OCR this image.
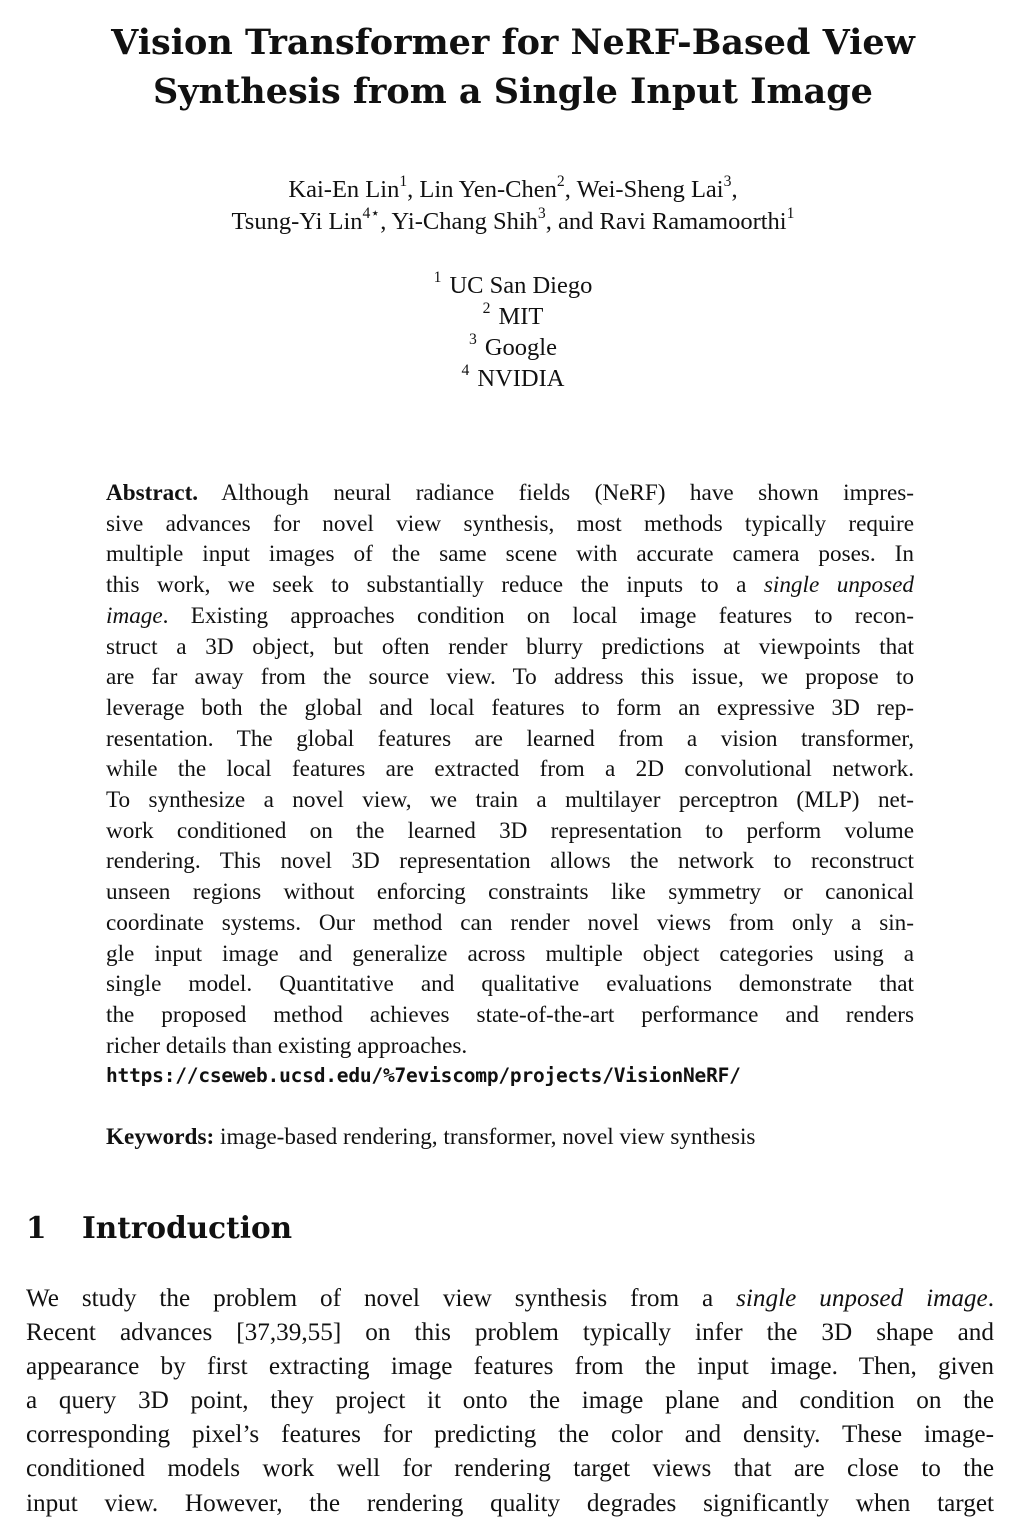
Vision Transformer for NeRF-Based View
Synthesis from a Single Input Image
Kai-En Lin$^1$, Lin Yen-Chen$^2$, Wei-Sheng Lai$^3$,
Tsung-Yi Lin$^{4⋆}$, Yi-Chang Shih$^3$, and Ravi Ramamoorthi$^1$
$^1$ UC San Diego
$^2$ MIT
$^3$ Google
$^4$ NVIDIA
Abstract. Although neural radiance fields (NeRF) have shown impres-
sive advances for novel view synthesis, most methods typically require
multiple input images of the same scene with accurate camera poses. In
this work, we seek to substantially reduce the inputs to a single unposed
image. Existing approaches condition on local image features to recon-
struct a 3D object, but often render blurry predictions at viewpoints that
are far away from the source view. To address this issue, we propose to
leverage both the global and local features to form an expressive 3D rep-
resentation. The global features are learned from a vision transformer,
while the local features are extracted from a 2D convolutional network.
To synthesize a novel view, we train a multilayer perceptron (MLP) net-
work conditioned on the learned 3D representation to perform volume
rendering. This novel 3D representation allows the network to reconstruct
unseen regions without enforcing constraints like symmetry or canonical
coordinate systems. Our method can render novel views from only a sin-
gle input image and generalize across multiple object categories using a
single model. Quantitative and qualitative evaluations demonstrate that
the proposed method achieves state-of-the-art performance and renders
richer details than existing approaches.
https://cseweb.ucsd.edu/%7eviscomp/projects/VisionNeRF/
Keywords: image-based rendering, transformer, novel view synthesis
1 Introduction
We study the problem of novel view synthesis from a single unposed image.
Recent advances [37,39,55] on this problem typically infer the 3D shape and
appearance by first extracting image features from the input image. Then, given
a query 3D point, they project it onto the image plane and condition on the
corresponding pixel’s features for predicting the color and density. These image-
conditioned models work well for rendering target views that are close to the
input view. However, the rendering quality degrades significantly when target
